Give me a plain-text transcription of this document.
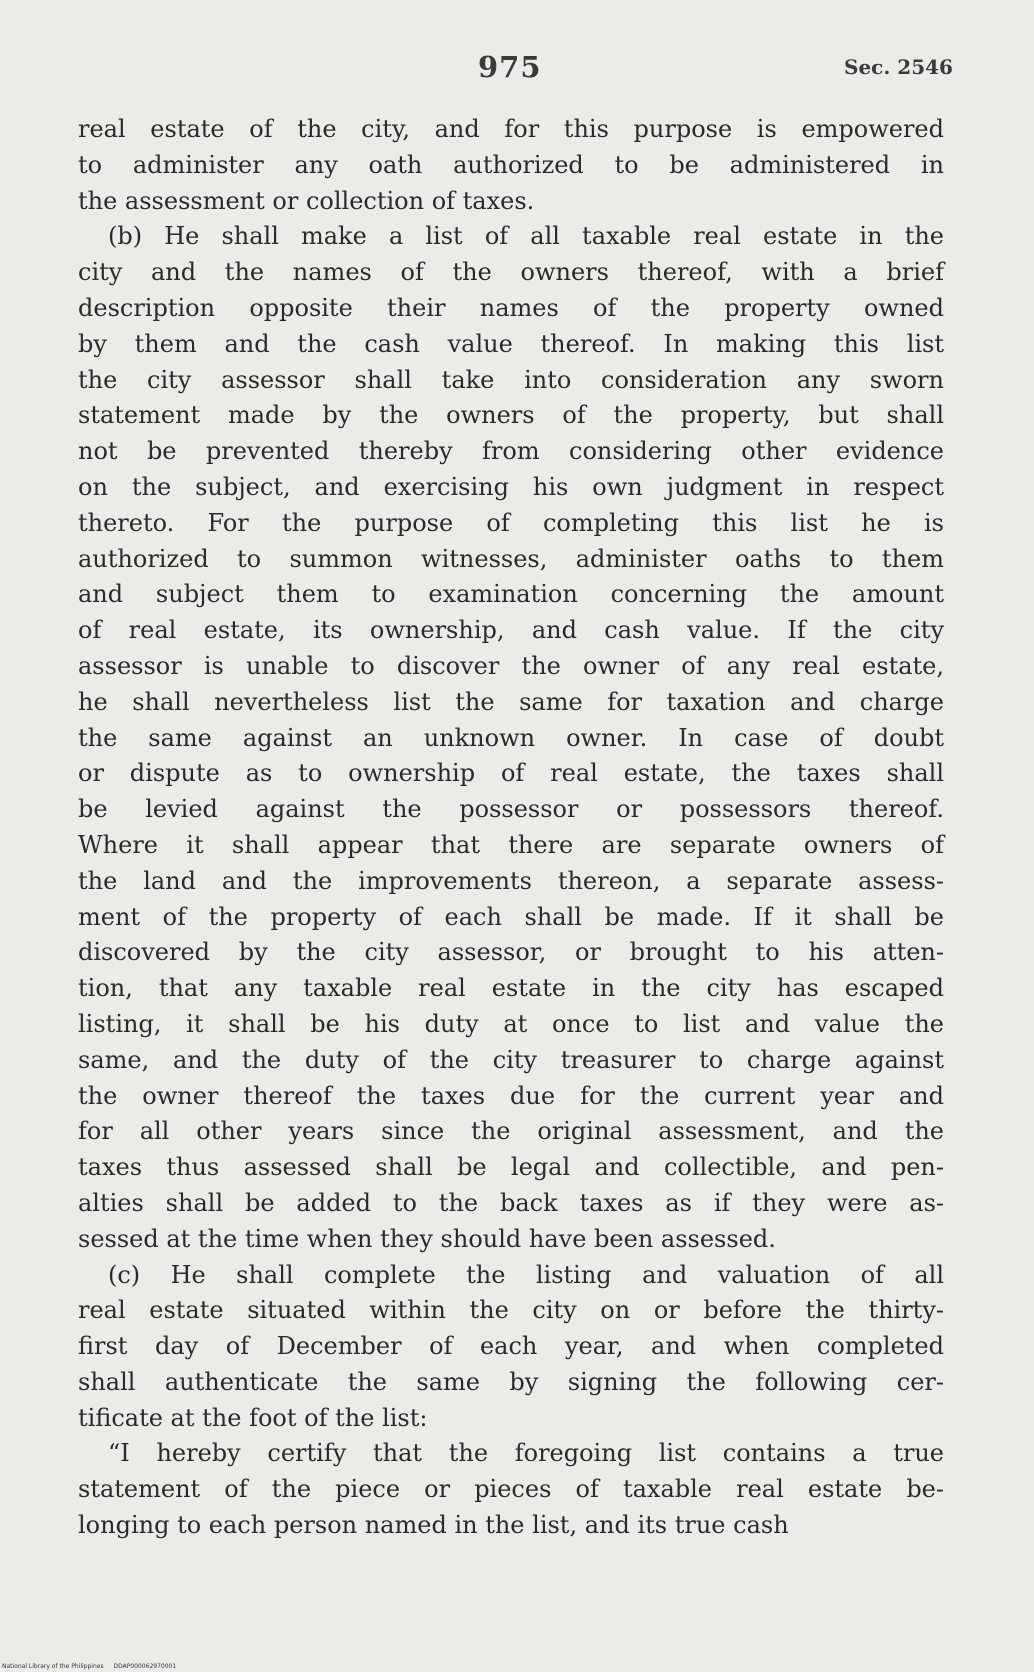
975	Sec. 2546

real estate of the city, and for this purpose is empowered
to administer any oath authorized to be administered in
the assessment or collection of taxes.

(b) He shall make a list of all taxable real estate in the
city and the names of the owners thereof, with a brief
description opposite their names of the property owned
by them and the cash value thereof. In making this list
the city assessor shall take into consideration any sworn
statement made by the owners of the property, but shall
not be prevented thereby from considering other evidence
on the subject, and exercising his own judgment in respect
thereto. For the purpose of completing this list he is
authorized to summon witnesses, administer oaths to them
and subject them to examination concerning the amount
of real estate, its ownership, and cash value. If the city
assessor is unable to discover the owner of any real estate,
he shall nevertheless list the same for taxation and charge
the same against an unknown owner. In case of doubt
or dispute as to ownership of real estate, the taxes shall
be levied against the possessor or possessors thereof.
Where it shall appear that there are separate owners of
the land and the improvements thereon, a separate assess-
ment of the property of each shall be made. If it shall be
discovered by the city assessor, or brought to his atten-
tion, that any taxable real estate in the city has escaped
listing, it shall be his duty at once to list and value the
same, and the duty of the city treasurer to charge against
the owner thereof the taxes due for the current year and
for all other years since the original assessment, and the
taxes thus assessed shall be legal and collectible, and pen-
alties shall be added to the back taxes as if they were as-
sessed at the time when they should have been assessed.

(c) He shall complete the listing and valuation of all
real estate situated within the city on or before the thirty-
first day of December of each year, and when completed
shall authenticate the same by signing the following cer-
tificate at the foot of the list:

“I hereby certify that the foregoing list contains a true
statement of the piece or pieces of taxable real estate be-
longing to each person named in the list, and its true cash

National Library of the Philippines DDAP000062970001
